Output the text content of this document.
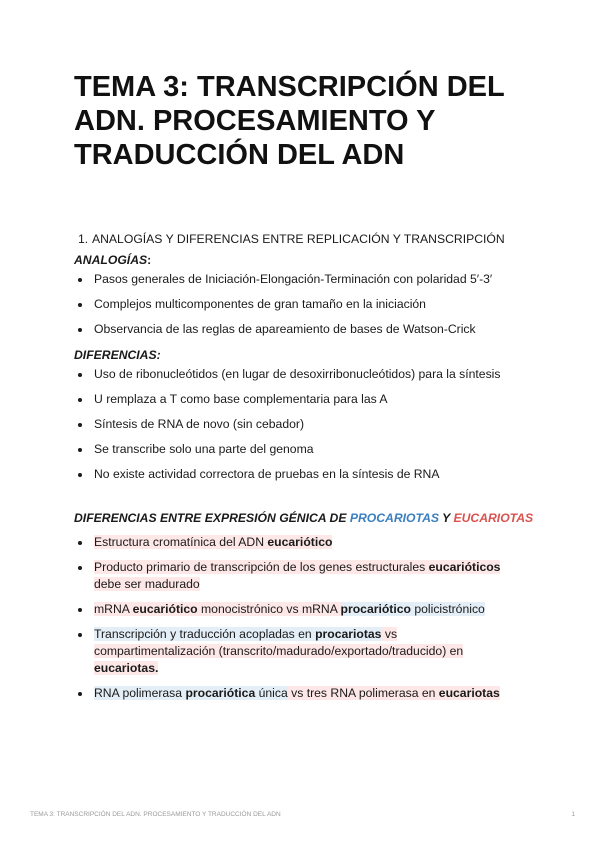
TEMA 3: TRANSCRIPCIÓN DEL
ADN. PROCESAMIENTO Y
TRADUCCIÓN DEL ADN
1. ANALOGÍAS Y DIFERENCIAS ENTRE REPLICACIÓN Y TRANSCRIPCIÓN
ANALOGÍAS:
Pasos generales de Iniciación-Elongación-Terminación con polaridad 5′-3′
Complejos multicomponentes de gran tamaño en la iniciación
Observancia de las reglas de apareamiento de bases de Watson-Crick
DIFERENCIAS:
Uso de ribonucleótidos (en lugar de desoxirribonucleótidos) para la síntesis
U remplaza a T como base complementaria para las A
Síntesis de RNA de novo (sin cebador)
Se transcribe solo una parte del genoma
No existe actividad correctora de pruebas en la síntesis de RNA
DIFERENCIAS ENTRE EXPRESIÓN GÉNICA DE PROCARIOTAS Y EUCARIOTAS
Estructura cromatínica del ADN eucariótico
Producto primario de transcripción de los genes estructurales eucarióticos
debe ser madurado
mRNA eucariótico monocistrónico vs mRNA procariótico policistrónico
Transcripción y traducción acopladas en procariotas vs
compartimentalización (transcrito/madurado/exportado/traducido) en
eucariotas.
RNA polimerasa procariótica única vs tres RNA polimerasa en eucariotas
TEMA 3: TRANSCRIPCIÓN DEL ADN. PROCESAMIENTO Y TRADUCCIÓN DEL ADN	1
